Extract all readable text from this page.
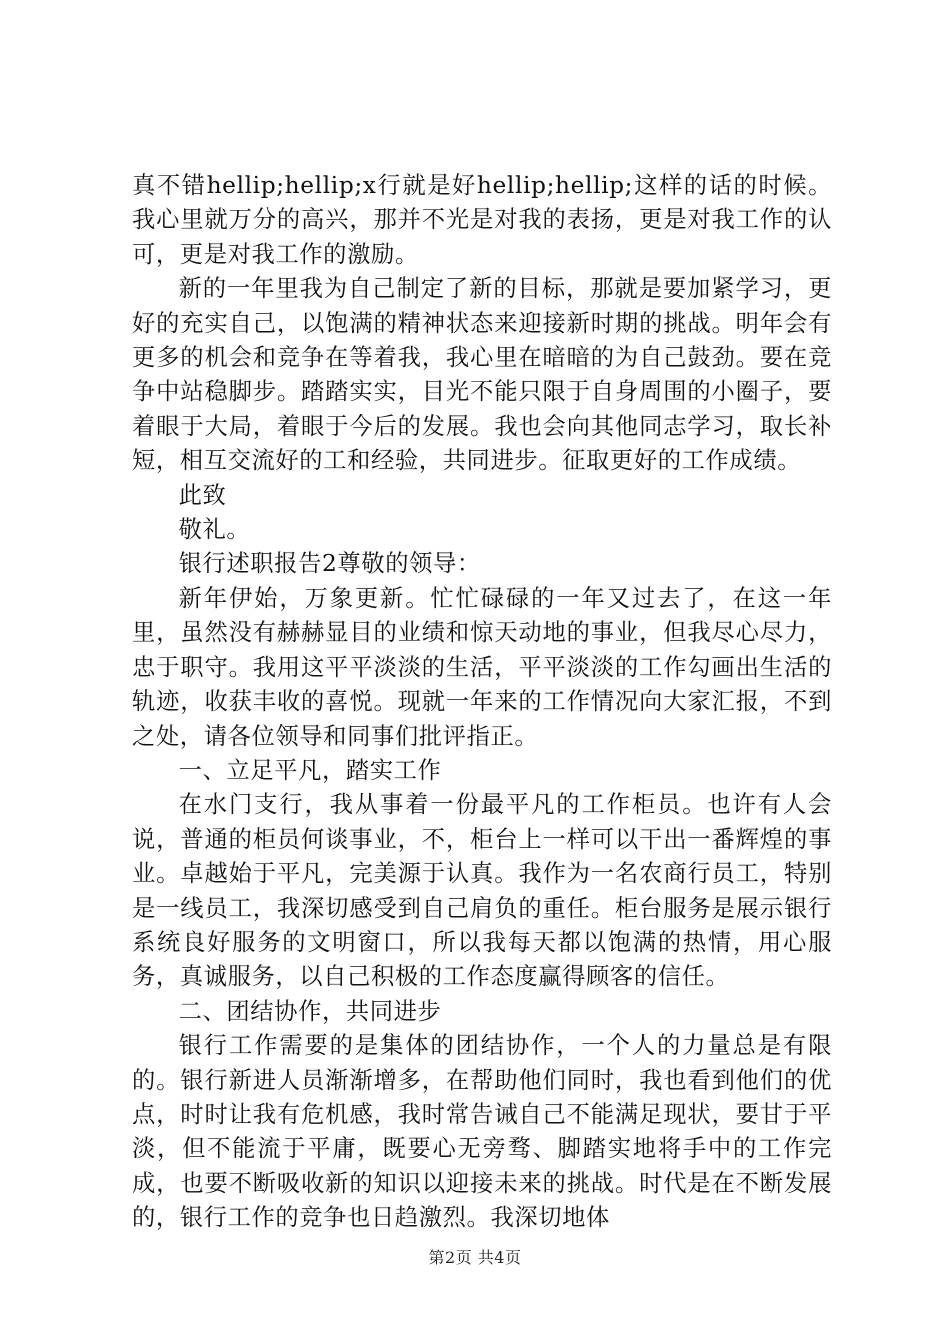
真不错hellip;hellip;x行就是好hellip;hellip;这样的话的时候。我心里就万分的高兴，那并不光是对我的表扬，更是对我工作的认可，更是对我工作的激励。

新的一年里我为自己制定了新的目标，那就是要加紧学习，更好的充实自己，以饱满的精神状态来迎接新时期的挑战。明年会有更多的机会和竞争在等着我，我心里在暗暗的为自己鼓劲。要在竞争中站稳脚步。踏踏实实，目光不能只限于自身周围的小圈子，要着眼于大局，着眼于今后的发展。我也会向其他同志学习，取长补短，相互交流好的工和经验，共同进步。征取更好的工作成绩。

此致

敬礼。

银行述职报告2尊敬的领导：

新年伊始，万象更新。忙忙碌碌的一年又过去了，在这一年里，虽然没有赫赫显目的业绩和惊天动地的事业，但我尽心尽力，忠于职守。我用这平平淡淡的生活，平平淡淡的工作勾画出生活的轨迹，收获丰收的喜悦。现就一年来的工作情况向大家汇报，不到之处，请各位领导和同事们批评指正。

一、立足平凡，踏实工作

在水门支行，我从事着一份最平凡的工作柜员。也许有人会说，普通的柜员何谈事业，不，柜台上一样可以干出一番辉煌的事业。卓越始于平凡，完美源于认真。我作为一名农商行员工，特别是一线员工，我深切感受到自己肩负的重任。柜台服务是展示银行系统良好服务的文明窗口，所以我每天都以饱满的热情，用心服务，真诚服务，以自己积极的工作态度赢得顾客的信任。

二、团结协作，共同进步

银行工作需要的是集体的团结协作，一个人的力量总是有限的。银行新进人员渐渐增多，在帮助他们同时，我也看到他们的优点，时时让我有危机感，我时常告诫自己不能满足现状，要甘于平淡，但不能流于平庸，既要心无旁骛、脚踏实地将手中的工作完成，也要不断吸收新的知识以迎接未来的挑战。时代是在不断发展的，银行工作的竞争也日趋激烈。我深切地体

第2页 共4页
